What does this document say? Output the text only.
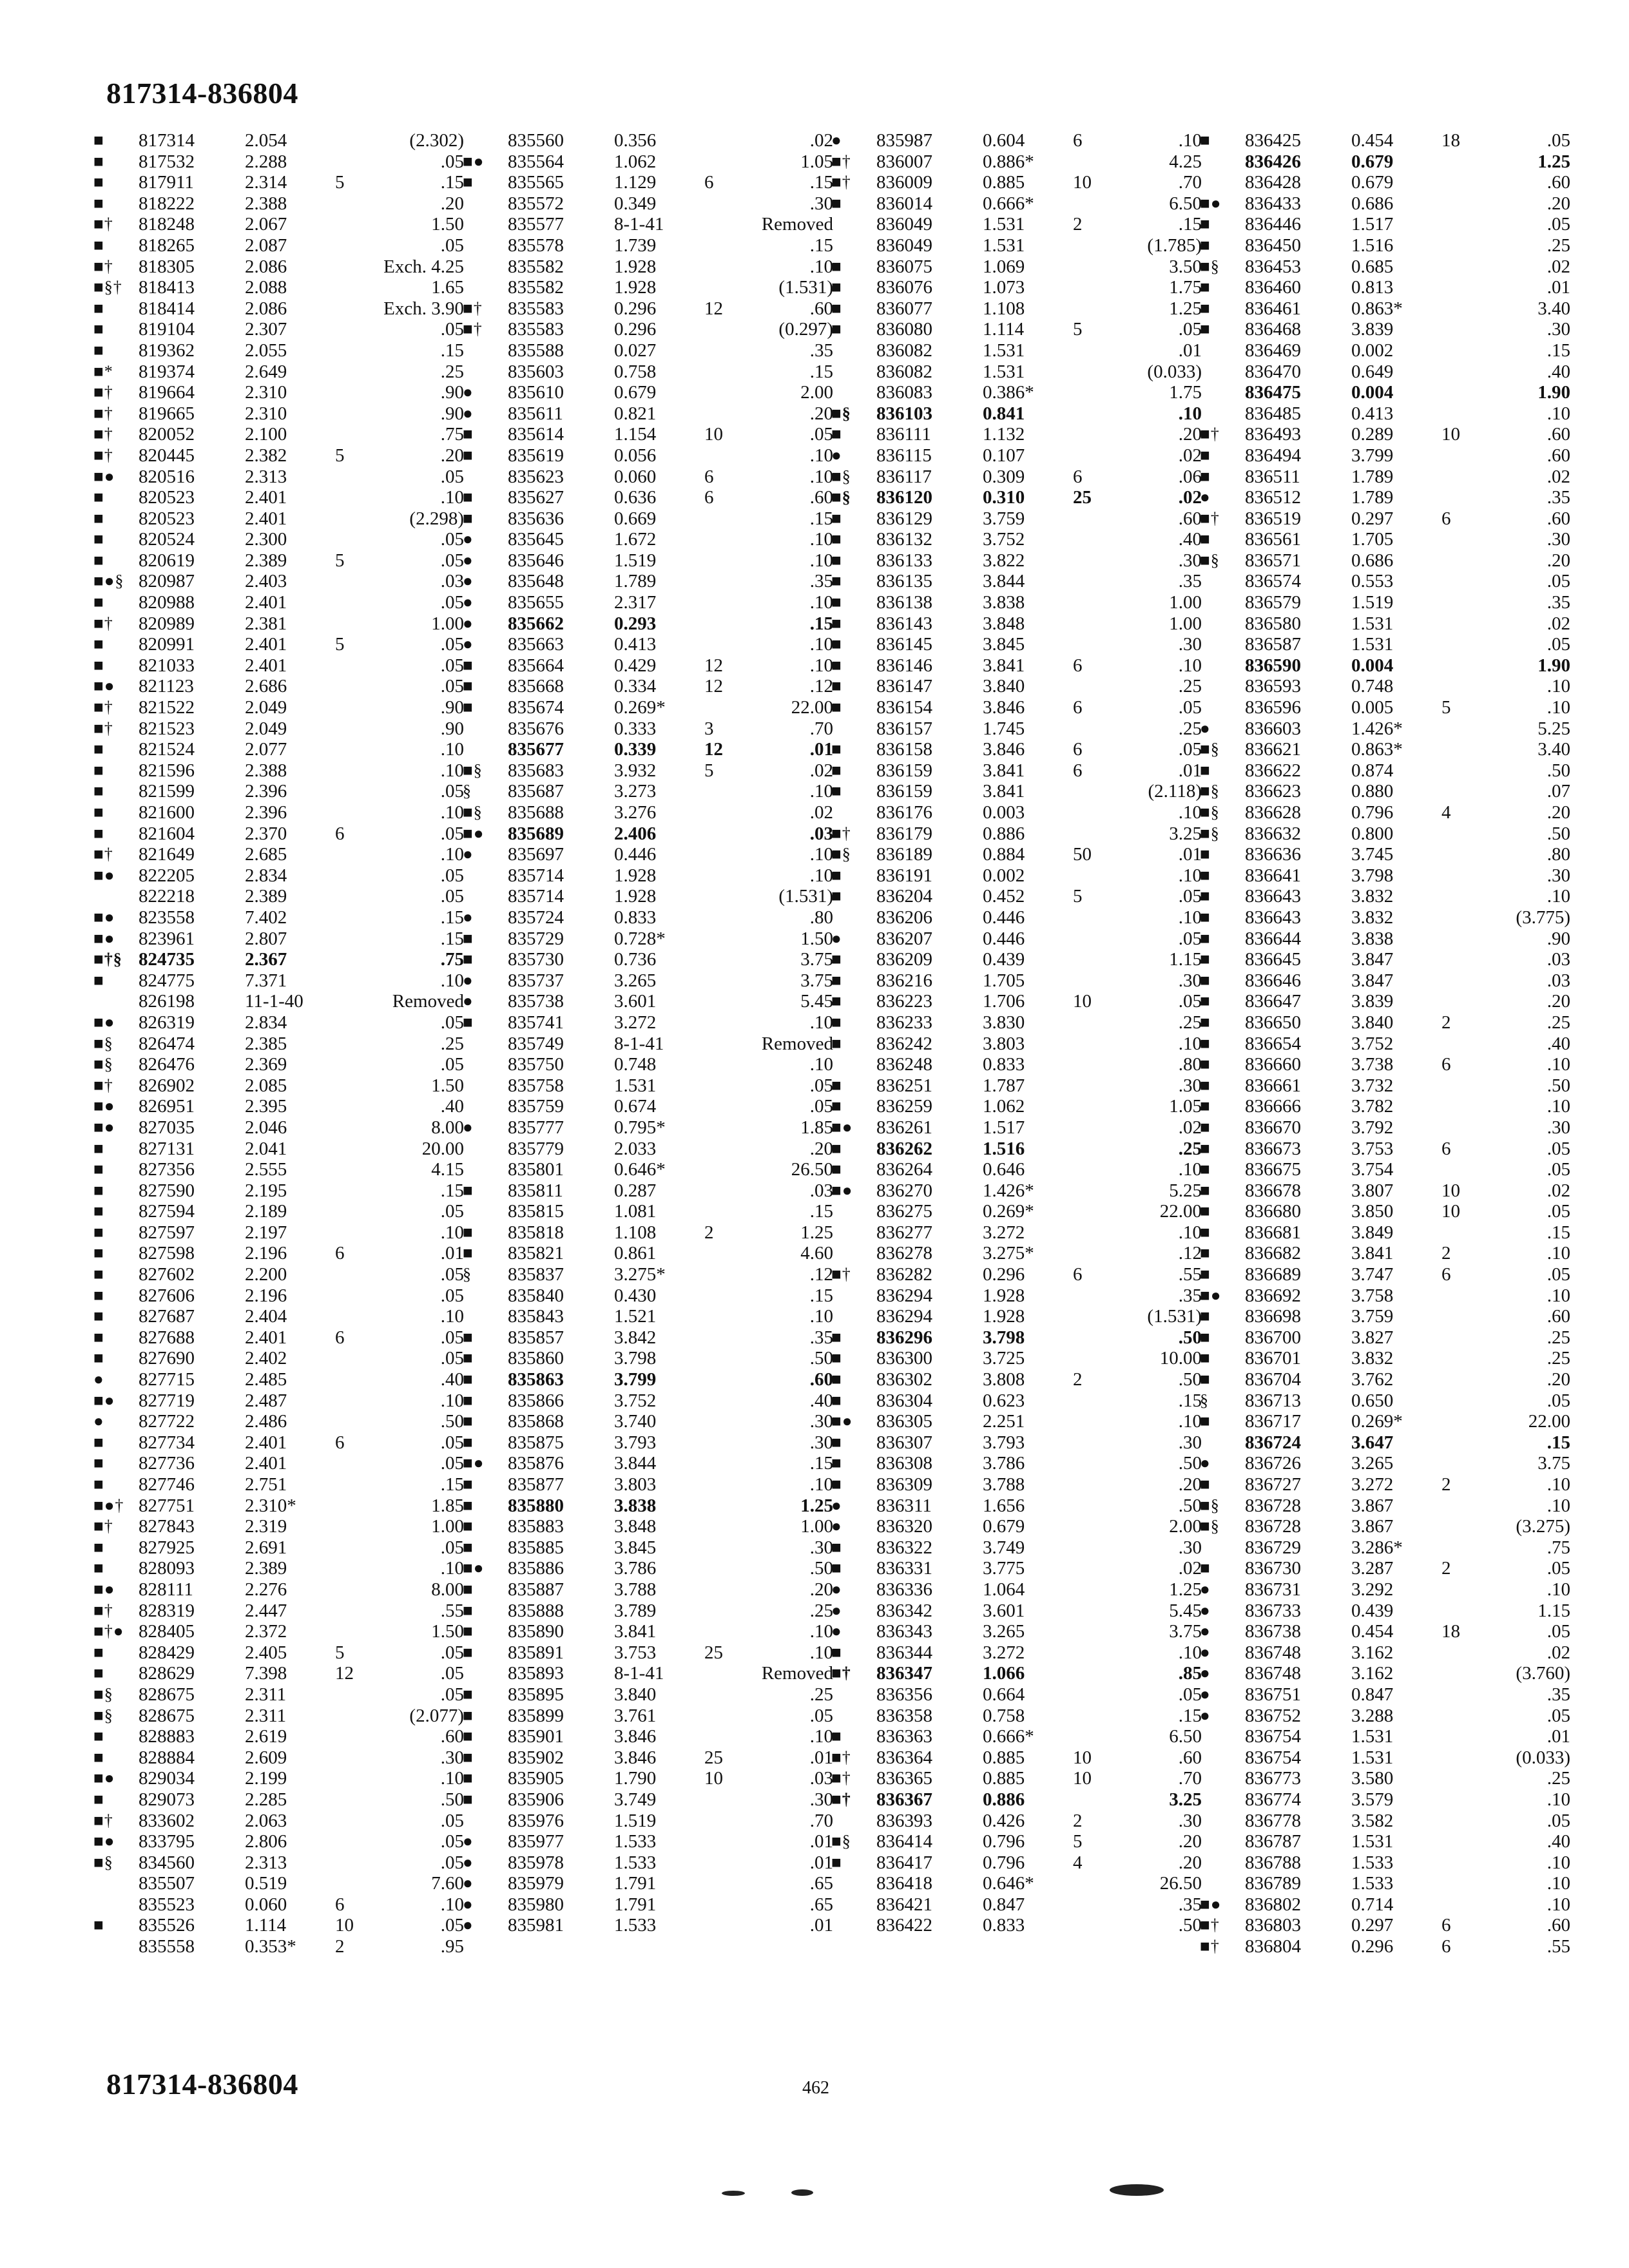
817314-836804
■	817314	2.054	(2.302)
■	817532	2.288	.05
■	817911	2.314	5	.15
■	818222	2.388	.20
■†	818248	2.067	1.50
■	818265	2.087	.05
■†	818305	2.086	Exch. 4.25
■§† 818413	2.088	1.65
■	818414	2.086	Exch. 3.90
■	819104	2.307	.05
■	819362	2.055	.15
■*	819374	2.649	.25
■†	819664	2.310	.90
■†	819665	2.310	.90
■†	820052	2.100	.75
■†	820445	2.382	5	.20
■●	820516	2.313	.05
■	820523	2.401	.10
■	820523	2.401	(2.298)
■	820524	2.300	.05
■	820619	2.389	5	.05
■●§ 820987	2.403	.03
■	820988	2.401	.05
■†	820989	2.381	1.00
■	820991	2.401	5	.05
■	821033	2.401	.05
■●	821123	2.686	.05
■†	821522	2.049	.90
■†	821523	2.049	.90
■	821524	2.077	.10
■	821596	2.388	.10
■	821599	2.396	.05
■	821600	2.396	.10
■	821604	2.370	6	.05
■†	821649	2.685	.10
■●	822205	2.834	.05
822218	2.389	.05
■●	823558	7.402	.15
■●	823961	2.807	.15
■†§ 824735	2.367	.75
■	824775	7.371	.10
826198	11-1-40	Removed
■●	826319	2.834	.05
■§	826474	2.385	.25
■§	826476	2.369	.05
■†	826902	2.085	1.50
■●	826951	2.395	.40
■●	827035	2.046	8.00
■	827131	2.041	20.00
■	827356	2.555	4.15
■	827590	2.195	.15
■	827594	2.189	.05
■	827597	2.197	.10
■	827598	2.196	6	.01
■	827602	2.200	.05
■	827606	2.196	.05
■	827687	2.404	.10
■	827688	2.401	6	.05
■	827690	2.402	.05
●	827715	2.485	.40
■●	827719	2.487	.10
●	827722	2.486	.50
■	827734	2.401	6	.05
■	827736	2.401	.05
■	827746	2.751	.15
■●† 827751	2.310*	1.85
■†	827843	2.319	1.00
■	827925	2.691	.05
■	828093	2.389	.10
■●	828111	2.276	8.00
■†	828319	2.447	.55
■†● 828405	2.372	1.50
■	828429	2.405	5	.05
■	828629	7.398	12	.05
■§	828675	2.311	.05
■§	828675	2.311	(2.077)
■	828883	2.619	.60
■	828884	2.609	.30
■●	829034	2.199	.10
■	829073	2.285	.50
■†	833602	2.063	.05
■●	833795	2.806	.05
■§	834560	2.313	.05
835507	0.519	7.60
835523	0.060	6	.10
■	835526	1.114	10	.05
835558	0.353*	2	.95
835560	0.356	.02
■●	835564	1.062	1.05
■	835565	1.129	6	.15
835572	0.349	.30
835577	8-1-41	Removed
835578	1.739	.15
835582	1.928	.10
835582	1.928	(1.531)
■†	835583	0.296	12	.60
■†	835583	0.296	(0.297)
835588	0.027	.35
835603	0.758	.15
●	835610	0.679	2.00
●	835611	0.821	.20
■	835614	1.154	10	.05
■	835619	0.056	.10
835623	0.060	6	.10
■	835627	0.636	6	.60
■	835636	0.669	.15
●	835645	1.672	.10
●	835646	1.519	.10
●	835648	1.789	.35
●	835655	2.317	.10
●	835662	0.293	.15
●	835663	0.413	.10
■	835664	0.429	12	.10
■	835668	0.334	12	.12
■	835674	0.269*	22.00
835676	0.333	3	.70
835677	0.339	12	.01
■§	835683	3.932	5	.02
§	835687	3.273	.10
■§	835688	3.276	.02
■●	835689	2.406	.03
●	835697	0.446	.10
835714	1.928	.10
835714	1.928	(1.531)
●	835724	0.833	.80
■	835729	0.728*	1.50
■	835730	0.736	3.75
●	835737	3.265	3.75
●	835738	3.601	5.45
■	835741	3.272	.10
835749	8-1-41	Removed
835750	0.748	.10
835758	1.531	.05
835759	0.674	.05
●	835777	0.795*	1.85
835779	2.033	.20
835801	0.646*	26.50
■	835811	0.287	.03
835815	1.081	.15
■	835818	1.108	2	1.25
■	835821	0.861	4.60
§	835837	3.275*	.12
835840	0.430	.15
835843	1.521	.10
■	835857	3.842	.35
■	835860	3.798	.50
■	835863	3.799	.60
■	835866	3.752	.40
■	835868	3.740	.30
■	835875	3.793	.30
■●	835876	3.844	.15
■	835877	3.803	.10
■	835880	3.838	1.25
■	835883	3.848	1.00
■	835885	3.845	.30
■●	835886	3.786	.50
■	835887	3.788	.20
■	835888	3.789	.25
■	835890	3.841	.10
■	835891	3.753	25	.10
835893	8-1-41	Removed
■	835895	3.840	.25
■	835899	3.761	.05
■	835901	3.846	.10
■	835902	3.846	25	.01
■	835905	1.790	10	.03
■	835906	3.749	.30
835976	1.519	.70
●	835977	1.533	.01
●	835978	1.533	.01
●	835979	1.791	.65
●	835980	1.791	.65
●	835981	1.533	.01
●	835987	0.604	6	.10
■†	836007	0.886*	4.25
■†	836009	0.885	10	.70
■	836014	0.666*	6.50
836049	1.531	2	.15
836049	1.531	(1.785)
■	836075	1.069	3.50
■	836076	1.073	1.75
■	836077	1.108	1.25
■	836080	1.114	5	.05
836082	1.531	.01
836082	1.531	(0.033)
836083	0.386*	1.75
■§	836103	0.841	.10
■	836111	1.132	.20
●	836115	0.107	.02
■§	836117	0.309	6	.06
■§	836120	0.310	25	.02
■	836129	3.759	.60
■	836132	3.752	.40
■	836133	3.822	.30
■	836135	3.844	.35
■	836138	3.838	1.00
■	836143	3.848	1.00
■	836145	3.845	.30
■	836146	3.841	6	.10
■	836147	3.840	.25
■	836154	3.846	6	.05
836157	1.745	.25
■	836158	3.846	6	.05
■	836159	3.841	6	.01
■	836159	3.841	(2.118)
836176	0.003	.10
■†	836179	0.886	3.25
■§	836189	0.884	50	.01
■	836191	0.002	.10
■	836204	0.452	5	.05
836206	0.446	.10
●	836207	0.446	.05
■	836209	0.439	1.15
■	836216	1.705	.30
■	836223	1.706	10	.05
■	836233	3.830	.25
■	836242	3.803	.10
836248	0.833	.80
■	836251	1.787	.30
■	836259	1.062	1.05
■●	836261	1.517	.02
■	836262	1.516	.25
■	836264	0.646	.10
■●	836270	1.426*	5.25
836275	0.269*	22.00
836277	3.272	.10
836278	3.275*	.12
■†	836282	0.296	6	.55
836294	1.928	.35
836294	1.928	(1.531)
■	836296	3.798	.50
■	836300	3.725	10.00
■	836302	3.808	2	.50
■	836304	0.623	.15
■●	836305	2.251	.10
■	836307	3.793	.30
■	836308	3.786	.50
■	836309	3.788	.20
●	836311	1.656	.50
●	836320	0.679	2.00
■	836322	3.749	.30
■	836331	3.775	.02
●	836336	1.064	1.25
●	836342	3.601	5.45
●	836343	3.265	3.75
■	836344	3.272	.10
■†	836347	1.066	.85
836356	0.664	.05
836358	0.758	.15
■	836363	0.666*	6.50
■†	836364	0.885	10	.60
■†	836365	0.885	10	.70
■†	836367	0.886	3.25
836393	0.426	2	.30
■§	836414	0.796	5	.20
■	836417	0.796	4	.20
836418	0.646*	26.50
836421	0.847	.35
836422	0.833	.50
■	836425	0.454	18	.05
836426	0.679	1.25
836428	0.679	.60
■●	836433	0.686	.20
■	836446	1.517	.05
■	836450	1.516	.25
■§	836453	0.685	.02
■	836460	0.813	.01
■	836461	0.863*	3.40
■	836468	3.839	.30
836469	0.002	.15
836470	0.649	.40
836475	0.004	1.90
836485	0.413	.10
■†	836493	0.289	10	.60
■	836494	3.799	.60
■	836511	1.789	.02
●	836512	1.789	.35
■†	836519	0.297	6	.60
■	836561	1.705	.30
■§	836571	0.686	.20
836574	0.553	.05
836579	1.519	.35
836580	1.531	.02
836587	1.531	.05
836590	0.004	1.90
836593	0.748	.10
836596	0.005	5	.10
●	836603	1.426*	5.25
■§	836621	0.863*	3.40
■	836622	0.874	.50
■§	836623	0.880	.07
■§	836628	0.796	4	.20
■§	836632	0.800	.50
■	836636	3.745	.80
■	836641	3.798	.30
■	836643	3.832	.10
■	836643	3.832	(3.775)
■	836644	3.838	.90
■	836645	3.847	.03
■	836646	3.847	.03
■	836647	3.839	.20
■	836650	3.840	2	.25
■	836654	3.752	.40
■	836660	3.738	6	.10
■	836661	3.732	.50
■	836666	3.782	.10
■	836670	3.792	.30
■	836673	3.753	6	.05
■	836675	3.754	.05
■	836678	3.807	10	.02
■	836680	3.850	10	.05
■	836681	3.849	.15
■	836682	3.841	2	.10
■	836689	3.747	6	.05
■●	836692	3.758	.10
■	836698	3.759	.60
■	836700	3.827	.25
■	836701	3.832	.25
■	836704	3.762	.20
§	836713	0.650	.05
■	836717	0.269*	22.00
836724	3.647	.15
●	836726	3.265	3.75
■	836727	3.272	2	.10
■§	836728	3.867	.10
■§	836728	3.867	(3.275)
836729	3.286*	.75
■	836730	3.287	2	.05
●	836731	3.292	.10
●	836733	0.439	1.15
●	836738	0.454	18	.05
●	836748	3.162	.02
●	836748	3.162	(3.760)
●	836751	0.847	.35
●	836752	3.288	.05
836754	1.531	.01
836754	1.531	(0.033)
836773	3.580	.25
836774	3.579	.10
836778	3.582	.05
836787	1.531	.40
836788	1.533	.10
836789	1.533	.10
■●	836802	0.714	.10
■†	836803	0.297	6	.60
■†	836804	0.296	6	.55
817314-836804	462
